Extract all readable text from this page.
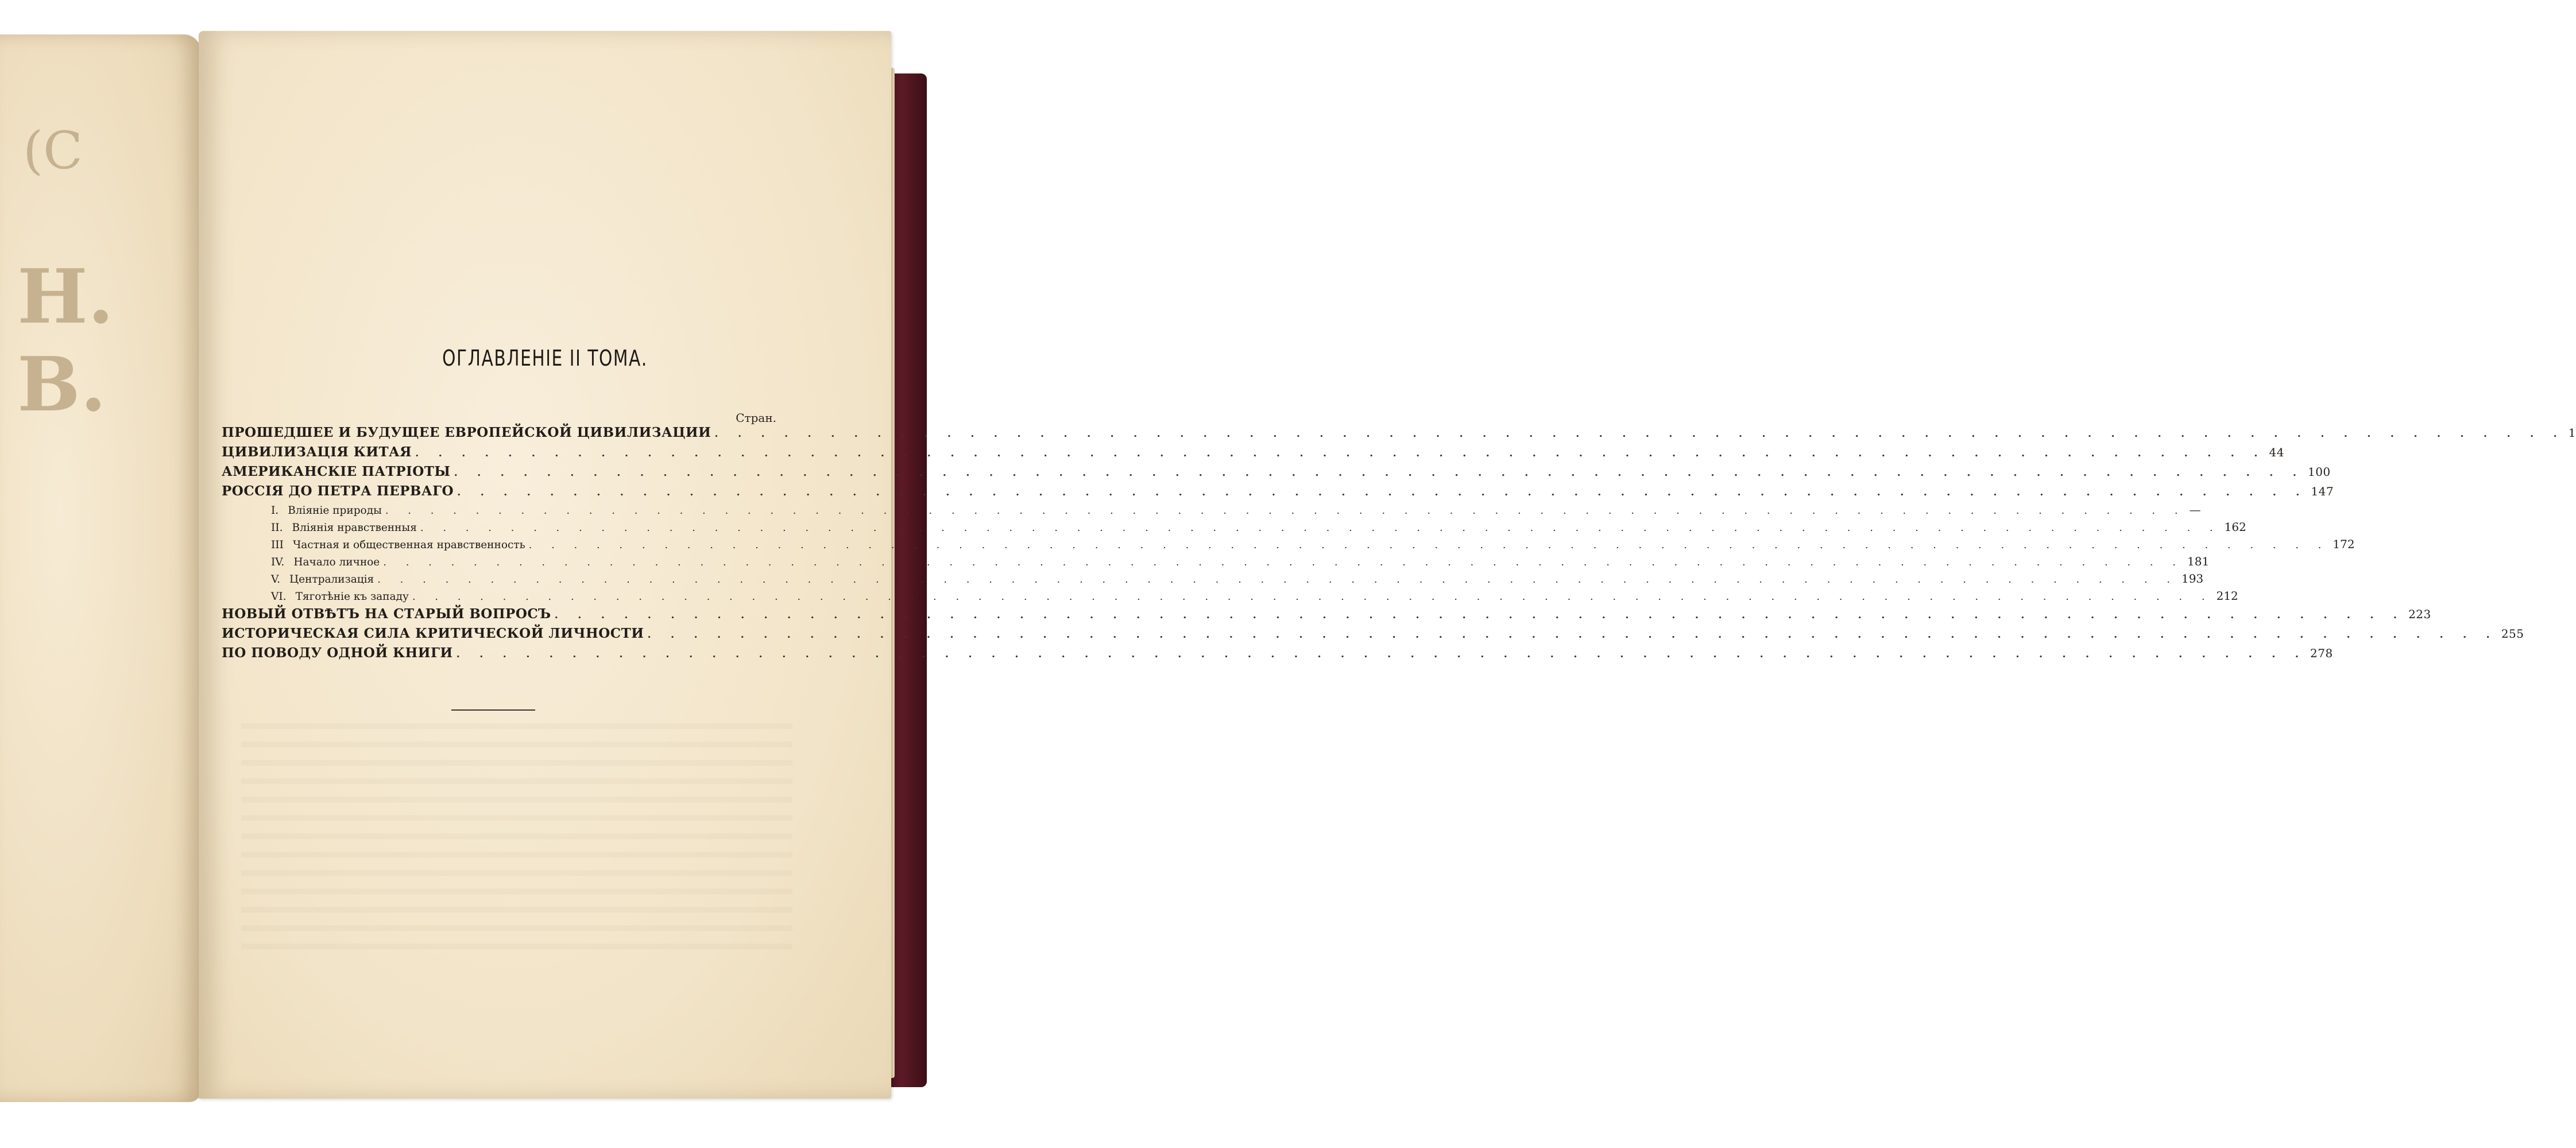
(C
Н. В.	ОГЛАВЛЕНIЕ II ТОМА.
Стран.
ПРОШЕДШЕЕ И БУДУЩЕЕ ЕВРОПЕЙСКОЙ ЦИВИЛИЗАЦИИ . . . . . . . . . . . . . . . . . . . . . . . . . . . . . . . . . . . . . . . . . . . . . . . . . . . . . . . . . . . . . . . . . . . . . . . . . . . . . . . . 1
ЦИВИЛИЗАЦIЯ КИТАЯ . . . . . . . . . . . . . . . . . . . . . . . . . . . . . . . . . . . . . . . . . . . . . . . . . . . . . . . . . . . . . . . . . . . . . . . . . . . . . . . . 44
АМЕРИКАНСКIЕ ПАТРIОТЫ . . . . . . . . . . . . . . . . . . . . . . . . . . . . . . . . . . . . . . . . . . . . . . . . . . . . . . . . . . . . . . . . . . . . . . . . . . . . . . . . 100
РОССIЯ ДО ПЕТРА ПЕРВАГО . . . . . . . . . . . . . . . . . . . . . . . . . . . . . . . . . . . . . . . . . . . . . . . . . . . . . . . . . . . . . . . . . . . . . . . . . . . . . . . . 147
I. Влiянiе природы . . . . . . . . . . . . . . . . . . . . . . . . . . . . . . . . . . . . . . . . . . . . . . . . . . . . . . . . . . . . . . . . . . . . . . . . . . . . . . . . —
II. Влiянiя нравственныя . . . . . . . . . . . . . . . . . . . . . . . . . . . . . . . . . . . . . . . . . . . . . . . . . . . . . . . . . . . . . . . . . . . . . . . . . . . . . . . . 162
III Частная и общественная нравственность . . . . . . . . . . . . . . . . . . . . . . . . . . . . . . . . . . . . . . . . . . . . . . . . . . . . . . . . . . . . . . . . . . . . . . . . . . . . . . . . 172
IV. Начало личное . . . . . . . . . . . . . . . . . . . . . . . . . . . . . . . . . . . . . . . . . . . . . . . . . . . . . . . . . . . . . . . . . . . . . . . . . . . . . . . . 181
V. Централизацiя . . . . . . . . . . . . . . . . . . . . . . . . . . . . . . . . . . . . . . . . . . . . . . . . . . . . . . . . . . . . . . . . . . . . . . . . . . . . . . . . 193
VI. Тяготѣнiе къ западу . . . . . . . . . . . . . . . . . . . . . . . . . . . . . . . . . . . . . . . . . . . . . . . . . . . . . . . . . . . . . . . . . . . . . . . . . . . . . . . . 212
НОВЫЙ ОТВѢТЪ НА СТАРЫЙ ВОПРОСЪ . . . . . . . . . . . . . . . . . . . . . . . . . . . . . . . . . . . . . . . . . . . . . . . . . . . . . . . . . . . . . . . . . . . . . . . . . . . . . . . . 223
ИСТОРИЧЕСКАЯ СИЛА КРИТИЧЕСКОЙ ЛИЧНОСТИ . . . . . . . . . . . . . . . . . . . . . . . . . . . . . . . . . . . . . . . . . . . . . . . . . . . . . . . . . . . . . . . . . . . . . . . . . . . . . . . . 255
ПО ПОВОДУ ОДНОЙ КНИГИ . . . . . . . . . . . . . . . . . . . . . . . . . . . . . . . . . . . . . . . . . . . . . . . . . . . . . . . . . . . . . . . . . . . . . . . . . . . . . . . . 278
